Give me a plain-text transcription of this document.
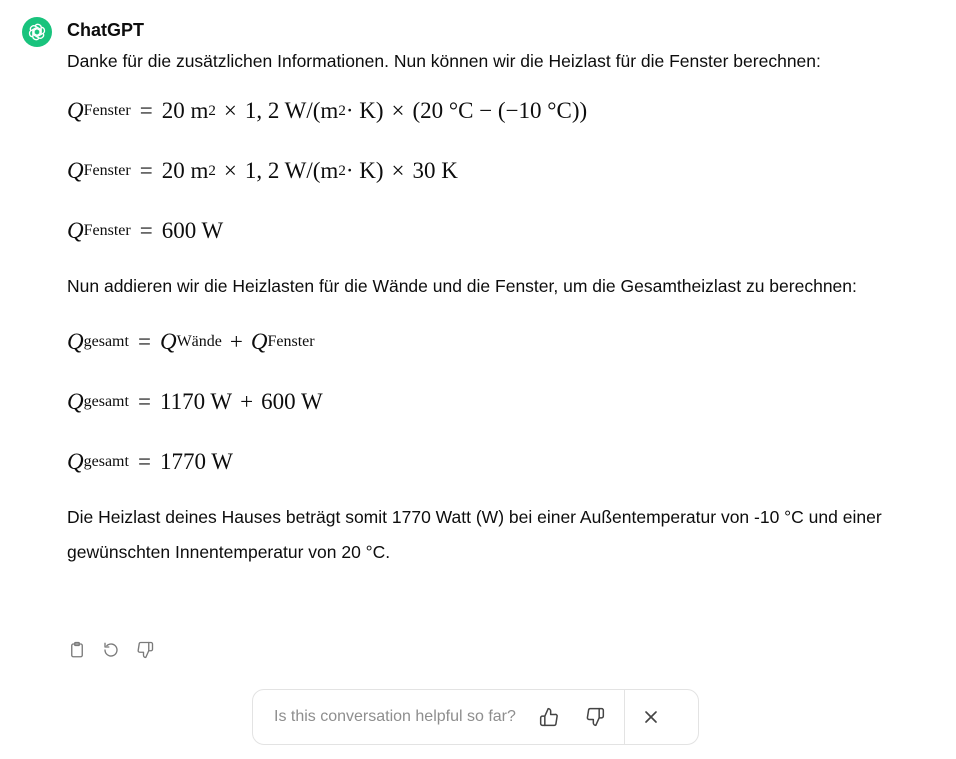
ChatGPT

Danke für die zusätzlichen Informationen. Nun können wir die Heizlast für die Fenster berechnen:

Q Fenster = 20 m 2 × 1, 2 W/(m 2 · K) × (20 °C − (−10 °C))
Q Fenster = 20 m 2 × 1, 2 W/(m 2 · K) × 30 K
Q Fenster = 600 W

Nun addieren wir die Heizlasten für die Wände und die Fenster, um die Gesamtheizlast zu berechnen:

Q gesamt = Q Wände + Q Fenster
Q gesamt = 1170 W + 600 W
Q gesamt = 1770 W

Die Heizlast deines Hauses beträgt somit 1770 Watt (W) bei einer Außentemperatur von -10 °C und einer gewünschten Innentemperatur von 20 °C.

Is this conversation helpful so far?
